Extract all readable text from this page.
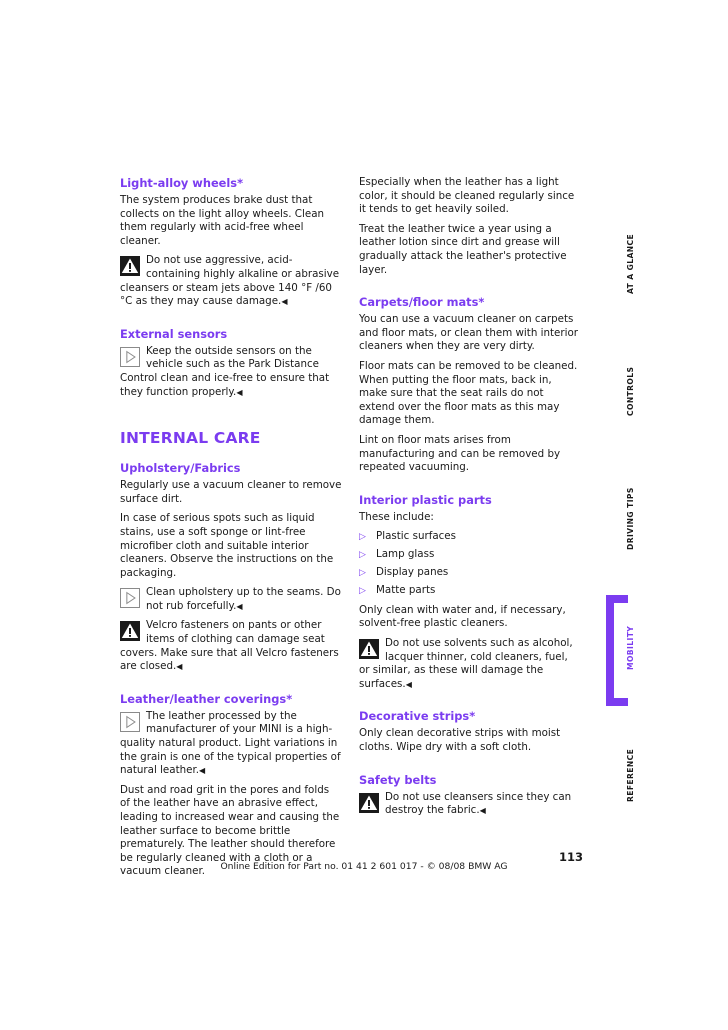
Light-alloy wheels*

The system produces brake dust that collects on the light alloy wheels. Clean them regularly with acid-free wheel cleaner.

Do not use aggressive, acid-containing highly alkaline or abrasive cleansers or steam jets above 140 °F /60 °C as they may cause damage.◀
External sensors
Keep the outside sensors on the vehicle such as the Park Distance Control clean and ice-free to ensure that they function properly.◀
INTERNAL CARE
Upholstery/Fabrics

Regularly use a vacuum cleaner to remove surface dirt.

In case of serious spots such as liquid stains, use a soft sponge or lint-free microfiber cloth and suitable interior cleaners. Observe the instructions on the packaging.

Clean upholstery up to the seams. Do not rub forcefully.◀
Velcro fasteners on pants or other items of clothing can damage seat covers. Make sure that all Velcro fasteners are closed.◀
Leather/leather coverings*
The leather processed by the manufacturer of your MINI is a high-quality natural product. Light variations in the grain is one of the typical properties of natural leather.◀

Dust and road grit in the pores and folds of the leather have an abrasive effect, leading to increased wear and causing the leather surface to become brittle prematurely. The leather should therefore be regularly cleaned with a cloth or a vacuum cleaner.

Especially when the leather has a light color, it should be cleaned regularly since it tends to get heavily soiled.

Treat the leather twice a year using a leather lotion since dirt and grease will gradually attack the leather's protective layer.

Carpets/floor mats*

You can use a vacuum cleaner on carpets and floor mats, or clean them with interior cleaners when they are very dirty.

Floor mats can be removed to be cleaned. When putting the floor mats, back in, make sure that the seat rails do not extend over the floor mats as this may damage them.

Lint on floor mats arises from manufacturing and can be removed by repeated vacuuming.

Interior plastic parts

These include:

▷ Plastic surfaces
▷ Lamp glass
▷ Display panes
▷ Matte parts

Only clean with water and, if necessary, solvent-free plastic cleaners.

Do not use solvents such as alcohol, lacquer thinner, cold cleaners, fuel, or similar, as these will damage the surfaces.◀
Decorative strips*

Only clean decorative strips with moist cloths. Wipe dry with a soft cloth.

Safety belts
Do not use cleansers since they can destroy the fabric.◀
AT A GLANCE
CONTROLS
DRIVING TIPS
MOBILITY
REFERENCE
113
Online Edition for Part no. 01 41 2 601 017 - © 08/08 BMW AG
